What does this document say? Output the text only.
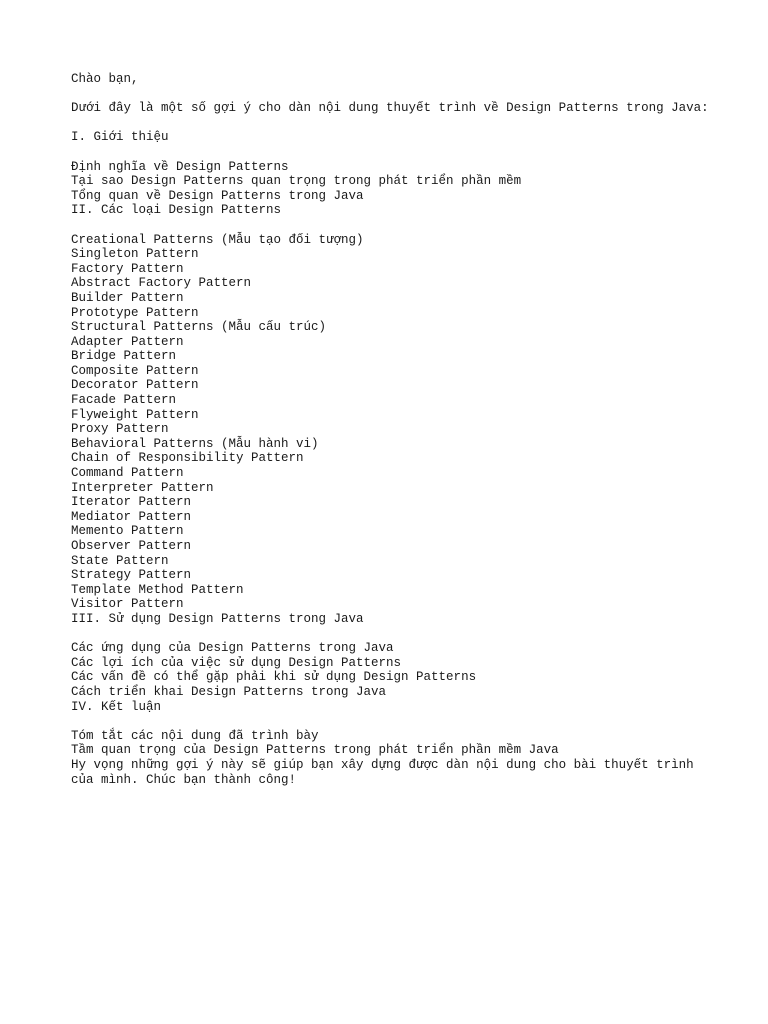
Chào bạn,
Dưới đây là một số gợi ý cho dàn nội dung thuyết trình về Design Patterns trong Java:
I. Giới thiệu
Định nghĩa về Design Patterns
Tại sao Design Patterns quan trọng trong phát triển phần mềm
Tổng quan về Design Patterns trong Java
II. Các loại Design Patterns
Creational Patterns (Mẫu tạo đối tượng)
Singleton Pattern
Factory Pattern
Abstract Factory Pattern
Builder Pattern
Prototype Pattern
Structural Patterns (Mẫu cấu trúc)
Adapter Pattern
Bridge Pattern
Composite Pattern
Decorator Pattern
Facade Pattern
Flyweight Pattern
Proxy Pattern
Behavioral Patterns (Mẫu hành vi)
Chain of Responsibility Pattern
Command Pattern
Interpreter Pattern
Iterator Pattern
Mediator Pattern
Memento Pattern
Observer Pattern
State Pattern
Strategy Pattern
Template Method Pattern
Visitor Pattern
III. Sử dụng Design Patterns trong Java
Các ứng dụng của Design Patterns trong Java
Các lợi ích của việc sử dụng Design Patterns
Các vấn đề có thể gặp phải khi sử dụng Design Patterns
Cách triển khai Design Patterns trong Java
IV. Kết luận
Tóm tắt các nội dung đã trình bày
Tầm quan trọng của Design Patterns trong phát triển phần mềm Java
Hy vọng những gợi ý này sẽ giúp bạn xây dựng được dàn nội dung cho bài thuyết trình của mình. Chúc bạn thành công!
